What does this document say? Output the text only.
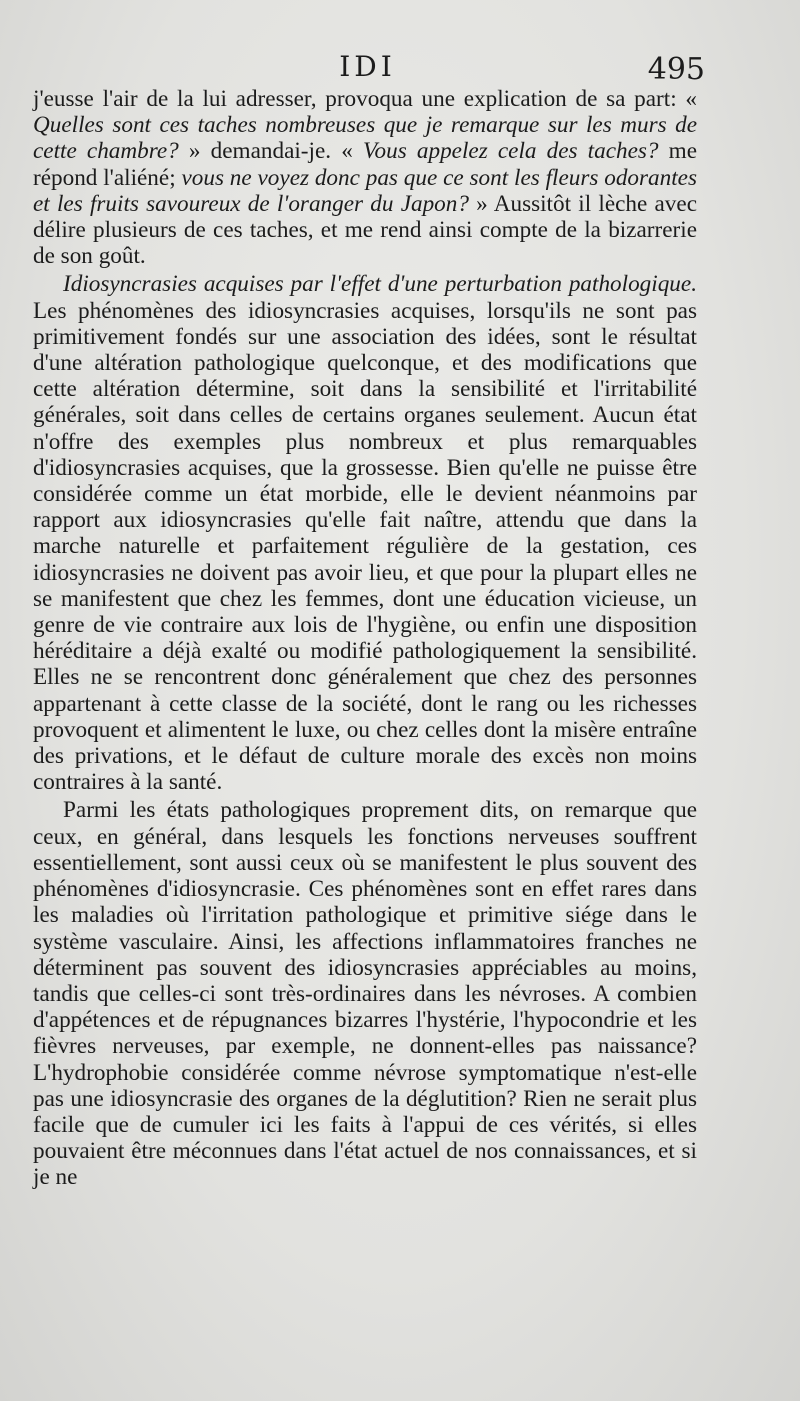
IDI	495

j'eusse l'air de la lui adresser, provoqua une explication de sa part: « Quelles sont ces taches nombreuses que je remarque sur les murs de cette chambre? » demandai-je. « Vous appelez cela des taches? me répond l'aliéné; vous ne voyez donc pas que ce sont les fleurs odorantes et les fruits savoureux de l'oranger du Japon? » Aussitôt il lèche avec délire plusieurs de ces taches, et me rend ainsi compte de la bizarrerie de son goût.

Idiosyncrasies acquises par l'effet d'une perturbation pathologique. Les phénomènes des idiosyncrasies acquises, lorsqu'ils ne sont pas primitivement fondés sur une association des idées, sont le résultat d'une altération pathologique quelconque, et des modifications que cette altération détermine, soit dans la sensibilité et l'irritabilité générales, soit dans celles de certains organes seulement. Aucun état n'offre des exemples plus nombreux et plus remarquables d'idiosyncrasies acquises, que la grossesse. Bien qu'elle ne puisse être considérée comme un état morbide, elle le devient néanmoins par rapport aux idiosyncrasies qu'elle fait naître, attendu que dans la marche naturelle et parfaitement régulière de la gestation, ces idiosyncrasies ne doivent pas avoir lieu, et que pour la plupart elles ne se manifestent que chez les femmes, dont une éducation vicieuse, un genre de vie contraire aux lois de l'hygiène, ou enfin une disposition héréditaire a déjà exalté ou modifié pathologiquement la sensibilité. Elles ne se rencontrent donc généralement que chez des personnes appartenant à cette classe de la société, dont le rang ou les richesses provoquent et alimentent le luxe, ou chez celles dont la misère entraîne des privations, et le défaut de culture morale des excès non moins contraires à la santé.

Parmi les états pathologiques proprement dits, on remarque que ceux, en général, dans lesquels les fonctions nerveuses souffrent essentiellement, sont aussi ceux où se manifestent le plus souvent des phénomènes d'idiosyncrasie. Ces phénomènes sont en effet rares dans les maladies où l'irritation pathologique et primitive siége dans le système vasculaire. Ainsi, les affections inflammatoires franches ne déterminent pas souvent des idiosyncrasies appréciables au moins, tandis que celles-ci sont très-ordinaires dans les névroses. A combien d'appétences et de répugnances bizarres l'hystérie, l'hypocondrie et les fièvres nerveuses, par exemple, ne donnent-elles pas naissance? L'hydrophobie considérée comme névrose symptomatique n'est-elle pas une idiosyncrasie des organes de la déglutition? Rien ne serait plus facile que de cumuler ici les faits à l'appui de ces vérités, si elles pouvaient être méconnues dans l'état actuel de nos connaissances, et si je ne
